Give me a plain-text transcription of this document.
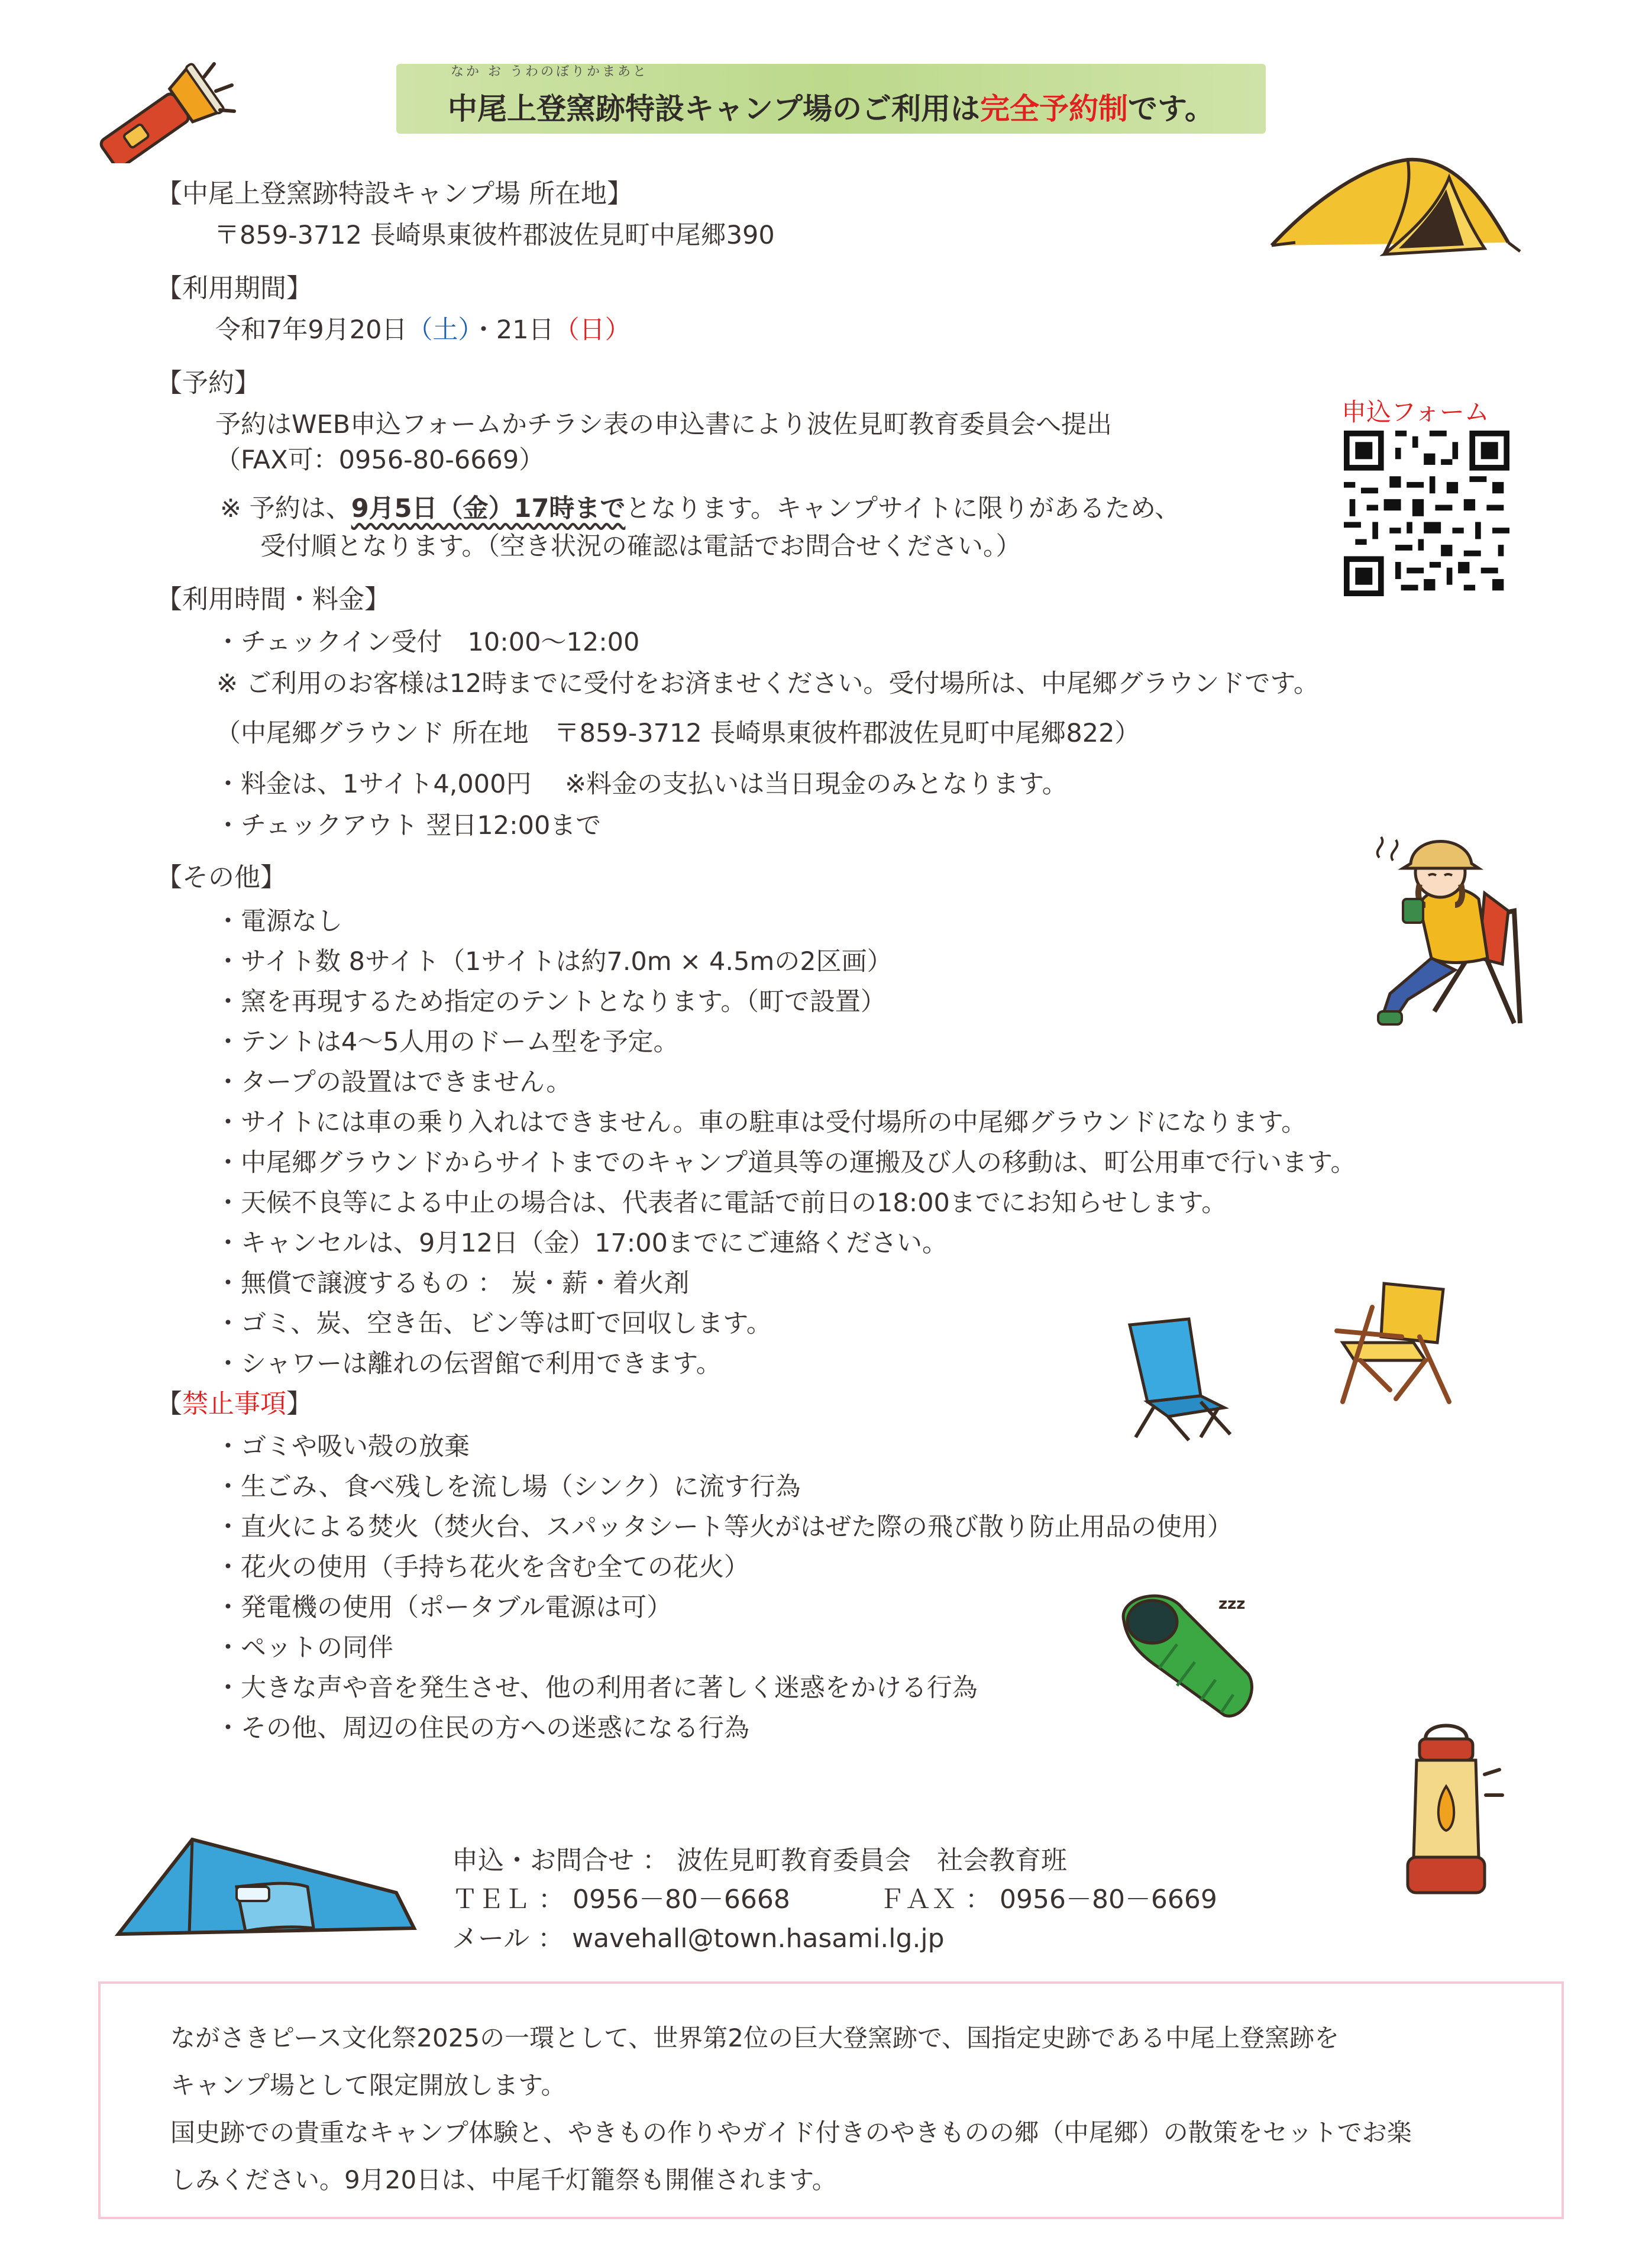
なか お うわのぼりかまあと
中尾上登窯跡特設キャンプ場のご利用は完全予約制です。
【中尾上登窯跡特設キャンプ場 所在地】
〒859-3712 長崎県東彼杵郡波佐見町中尾郷390
【利用期間】
令和7年9月20日（土）・21日（日）
【予約】
予約はWEB申込フォームかチラシ表の申込書により波佐見町教育委員会へ提出
（FAX可：0956-80-6669）
※ 予約は、9月5日（金）17時までとなります。キャンプサイトに限りがあるため、
受付順となります。（空き状況の確認は電話でお問合せください。）
申込フォーム
【利用時間・料金】
・チェックイン受付　10:00～12:00
※ ご利用のお客様は12時までに受付をお済ませください。受付場所は、中尾郷グラウンドです。
（中尾郷グラウンド 所在地　〒859-3712 長崎県東彼杵郡波佐見町中尾郷822）
・料金は、1サイト4,000円　 ※料金の支払いは当日現金のみとなります。
・チェックアウト 翌日12:00まで
【その他】
・電源なし
・サイト数 8サイト（1サイトは約7.0m × 4.5mの2区画）
・窯を再現するため指定のテントとなります。（町で設置）
・テントは4～5人用のドーム型を予定。
・タープの設置はできません。
・サイトには車の乗り入れはできません。車の駐車は受付場所の中尾郷グラウンドになります。
・中尾郷グラウンドからサイトまでのキャンプ道具等の運搬及び人の移動は、町公用車で行います。
・天候不良等による中止の場合は、代表者に電話で前日の18:00までにお知らせします。
・キャンセルは、9月12日（金）17:00までにご連絡ください。
・無償で譲渡するもの ： 炭・薪・着火剤
・ゴミ、炭、空き缶、ビン等は町で回収します。
・シャワーは離れの伝習館で利用できます。
【禁止事項】
・ゴミや吸い殻の放棄
・生ごみ、食べ残しを流し場（シンク）に流す行為
・直火による焚火（焚火台、スパッタシート等火がはぜた際の飛び散り防止用品の使用）
・花火の使用（手持ち花火を含む全ての花火）
・発電機の使用（ポータブル電源は可）
・ペットの同伴
・大きな声や音を発生させ、他の利用者に著しく迷惑をかける行為
・その他、周辺の住民の方への迷惑になる行為
zzz
申込・お問合せ ： 波佐見町教育委員会　社会教育班
ＴＥＬ ： 0956－80－6668	ＦＡＸ ： 0956－80－6669
メール ： wavehall@town.hasami.lg.jp
ながさきピース文化祭2025の一環として、世界第2位の巨大登窯跡で、国指定史跡である中尾上登窯跡を
キャンプ場として限定開放します。
国史跡での貴重なキャンプ体験と、やきもの作りやガイド付きのやきものの郷（中尾郷）の散策をセットでお楽
しみください。9月20日は、中尾千灯籠祭も開催されます。
